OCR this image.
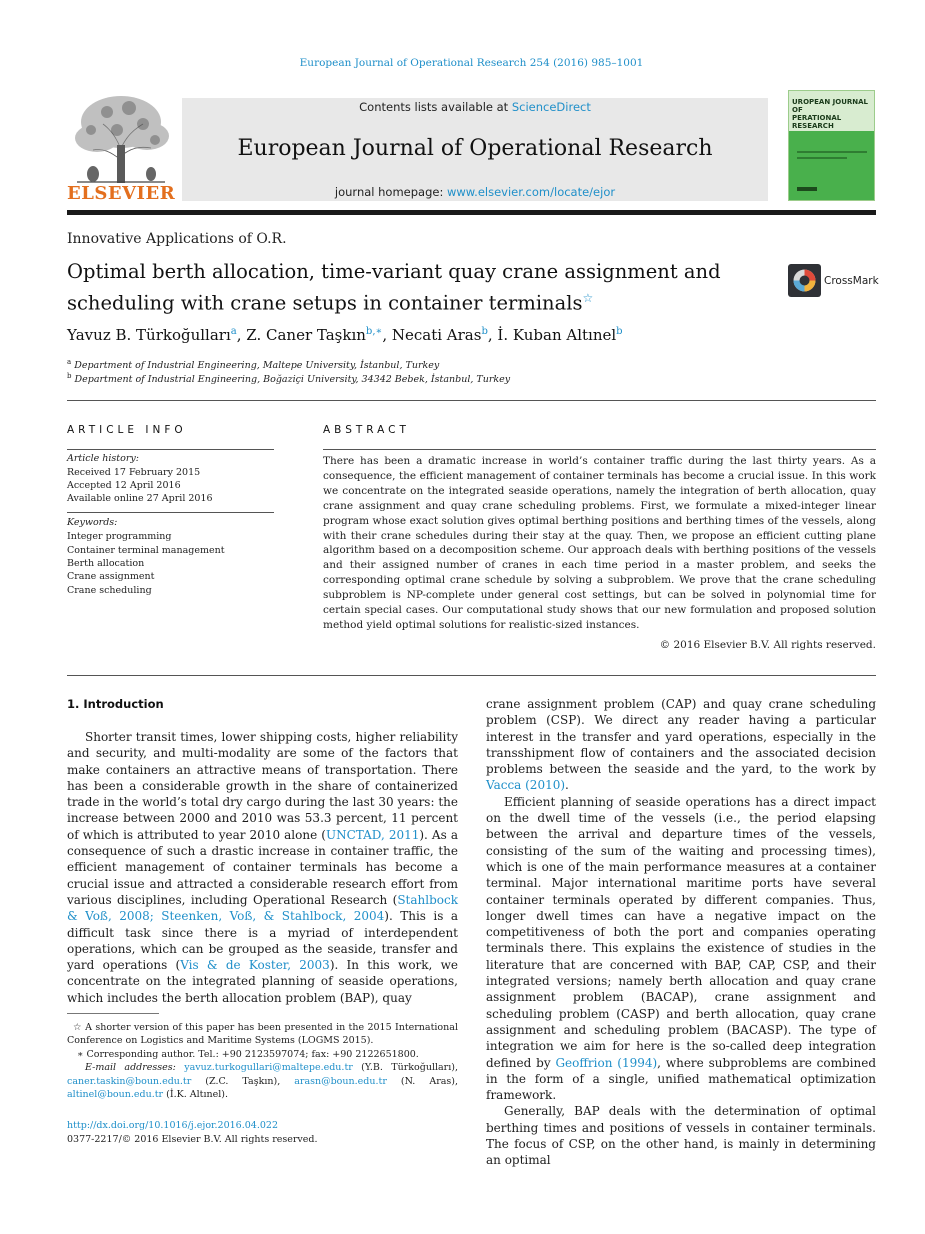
European Journal of Operational Research 254 (2016) 985–1001
ELSEVIER
Contents lists available at ScienceDirect
European Journal of Operational Research
journal homepage: www.elsevier.com/locate/ejor
UROPEAN JOURNAL OF
PERATIONAL RESEARCH
Innovative Applications of O.R.
Optimal berth allocation, time-variant quay crane assignment and
scheduling with crane setups in container terminals☆
CrossMark
Yavuz B. Türkoğulları$^a$, Z. Caner Taşkın$^{b,∗}$, Necati Aras$^b$, İ. Kuban Altınel$^b$
$^a$ Department of Industrial Engineering, Maltepe University, İstanbul, Turkey
$^b$ Department of Industrial Engineering, Boğaziçi University, 34342 Bebek, İstanbul, Turkey
ARTICLE INFO
Article history:
Received 17 February 2015
Accepted 12 April 2016
Available online 27 April 2016
Keywords:
Integer programming
Container terminal management
Berth allocation
Crane assignment
Crane scheduling
ABSTRACT
There has been a dramatic increase in world’s container traffic during the last thirty years. As a consequence, the efficient management of container terminals has become a crucial issue. In this work we concentrate on the integrated seaside operations, namely the integration of berth allocation, quay crane assignment and quay crane scheduling problems. First, we formulate a mixed-integer linear program whose exact solution gives optimal berthing positions and berthing times of the vessels, along with their crane schedules during their stay at the quay. Then, we propose an efficient cutting plane algorithm based on a decomposition scheme. Our approach deals with berthing positions of the vessels and their assigned number of cranes in each time period in a master problem, and seeks the corresponding optimal crane schedule by solving a subproblem. We prove that the crane scheduling subproblem is NP-complete under general cost settings, but can be solved in polynomial time for certain special cases. Our computational study shows that our new formulation and proposed solution method yield optimal solutions for realistic-sized instances.
© 2016 Elsevier B.V. All rights reserved.
1. Introduction

Shorter transit times, lower shipping costs, higher reliability and security, and multi-modality are some of the factors that make containers an attractive means of transportation. There has been a considerable growth in the share of containerized trade in the world’s total dry cargo during the last 30 years: the increase between 2000 and 2010 was 53.3 percent, 11 percent of which is attributed to year 2010 alone (UNCTAD, 2011). As a consequence of such a drastic increase in container traffic, the efficient management of container terminals has become a crucial issue and attracted a considerable research effort from various disciplines, including Operational Research (Stahlbock & Voß, 2008; Steenken, Voß, & Stahlbock, 2004). This is a difficult task since there is a myriad of interdependent operations, which can be grouped as the seaside, transfer and yard operations (Vis & de Koster, 2003). In this work, we concentrate on the integrated planning of seaside operations, which includes the berth allocation problem (BAP), quay

crane assignment problem (CAP) and quay crane scheduling problem (CSP). We direct any reader having a particular interest in the transfer and yard operations, especially in the transshipment flow of containers and the associated decision problems between the seaside and the yard, to the work by Vacca (2010).

Efficient planning of seaside operations has a direct impact on the dwell time of the vessels (i.e., the period elapsing between the arrival and departure times of the vessels, consisting of the sum of the waiting and processing times), which is one of the main performance measures at a container terminal. Major international maritime ports have several container terminals operated by different companies. Thus, longer dwell times can have a negative impact on the competitiveness of both the port and companies operating terminals there. This explains the existence of studies in the literature that are concerned with BAP, CAP, CSP, and their integrated versions; namely berth allocation and quay crane assignment problem (BACAP), crane assignment and scheduling problem (CASP) and berth allocation, quay crane assignment and scheduling problem (BACASP). The type of integration we aim for here is the so-called deep integration defined by Geoffrion (1994), where subproblems are combined in the form of a single, unified mathematical optimization framework.

Generally, BAP deals with the determination of optimal berthing times and positions of vessels in container terminals. The focus of CSP, on the other hand, is mainly in determining an optimal

☆ A shorter version of this paper has been presented in the 2015 International Conference on Logistics and Maritime Systems (LOGMS 2015).
∗ Corresponding author. Tel.: +90 2123597074; fax: +90 2122651800.
E-mail addresses: yavuz.turkogullari@maltepe.edu.tr (Y.B. Türkoğulları), caner.taskin@boun.edu.tr (Z.C. Taşkın), arasn@boun.edu.tr (N. Aras), altinel@boun.edu.tr (İ.K. Altınel).
http://dx.doi.org/10.1016/j.ejor.2016.04.022
0377-2217/© 2016 Elsevier B.V. All rights reserved.
